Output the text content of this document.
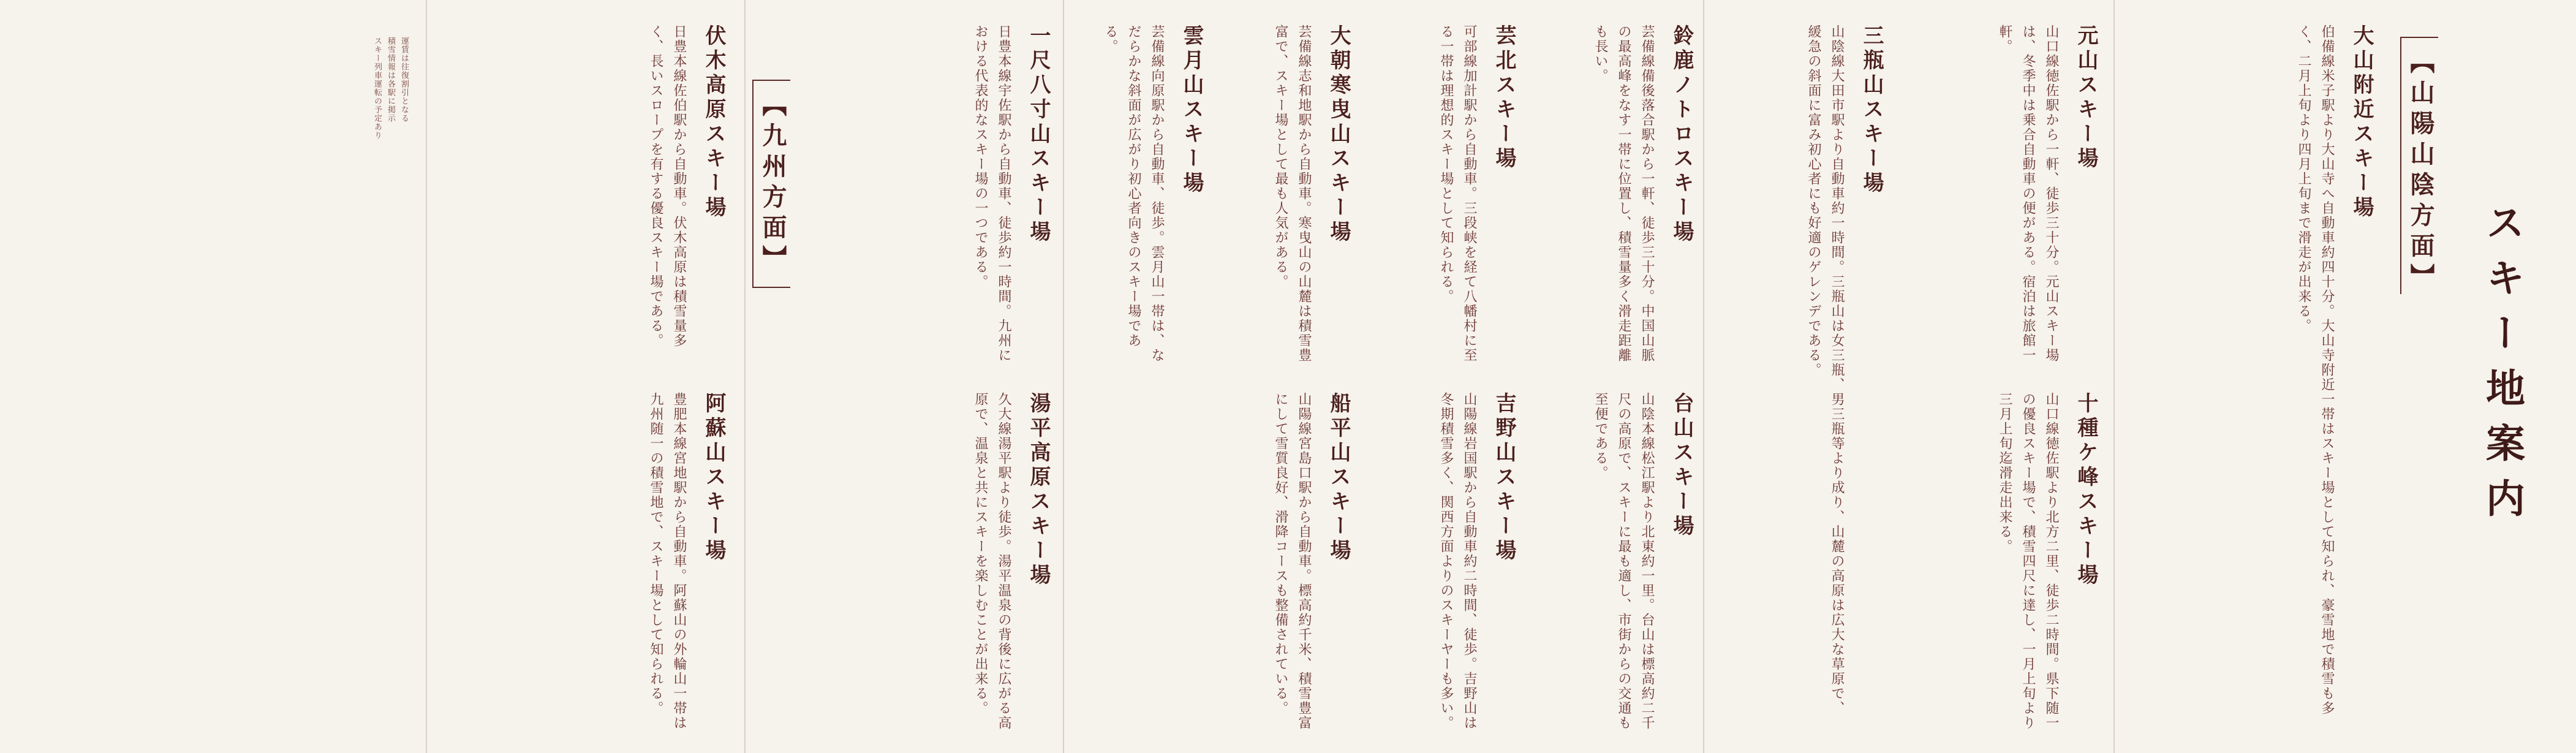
スキー地案内
【山陽山陰方面】
【九州方面】	大山附近スキー場
伯備線米子駅より大山寺へ自動車約四十分。大山寺附近一帯はスキー場として知られ、豪雪地で積雪も多く、二月上旬より四月上旬まで滑走が出来る。
元山スキー場
山口線徳佐駅から一軒、徒歩三十分。元山スキー場は、冬季中は乗合自動車の便がある。宿泊は旅館一軒。
十種ケ峰スキー場
山口線徳佐駅より北方二里、徒歩二時間。県下随一の優良スキー場で、積雪四尺に達し、一月上旬より三月上旬迄滑走出来る。
三瓶山スキー場
山陰線大田市駅より自動車約一時間。三瓶山は女三瓶、男三瓶等より成り、山麓の高原は広大な草原で、緩急の斜面に富み初心者にも好適のゲレンデである。
鈴鹿ノトロスキー場
芸備線備後落合駅から一軒、徒歩三十分。中国山脈の最高峰をなす一帯に位置し、積雪量多く滑走距離も長い。
台山スキー場
山陰本線松江駅より北東約一里。台山は標高約二千尺の高原で、スキーに最も適し、市街からの交通も至便である。
芸北スキー場
可部線加計駅から自動車。三段峡を経て八幡村に至る一帯は理想的スキー場として知られる。
吉野山スキー場
山陽線岩国駅から自動車約二時間、徒歩。吉野山は冬期積雪多く、関西方面よりのスキーヤーも多い。
大朝寒曳山スキー場
芸備線志和地駅から自動車。寒曳山の山麓は積雪豊富で、スキー場として最も人気がある。
雲月山スキー場
芸備線向原駅から自動車、徒歩。雲月山一帯は、なだらかな斜面が広がり初心者向きのスキー場である。
船平山スキー場
山陽線宮島口駅から自動車。標高約千米、積雪豊富にして雪質良好、滑降コースも整備されている。
一尺八寸山スキー場
日豊本線宇佐駅から自動車、徒歩約一時間。九州における代表的なスキー場の一つである。
湯平高原スキー場
久大線湯平駅より徒歩。湯平温泉の背後に広がる高原で、温泉と共にスキーを楽しむことが出来る。
阿蘇山スキー場
豊肥本線宮地駅から自動車。阿蘇山の外輪山一帯は九州随一の積雪地で、スキー場として知られる。
伏木高原スキー場
日豊本線佐伯駅から自動車。伏木高原は積雪量多く、長いスロープを有する優良スキー場である。
運賃は往復割引となる
積雪情報は各駅に掲示
スキー列車運転の予定あり
